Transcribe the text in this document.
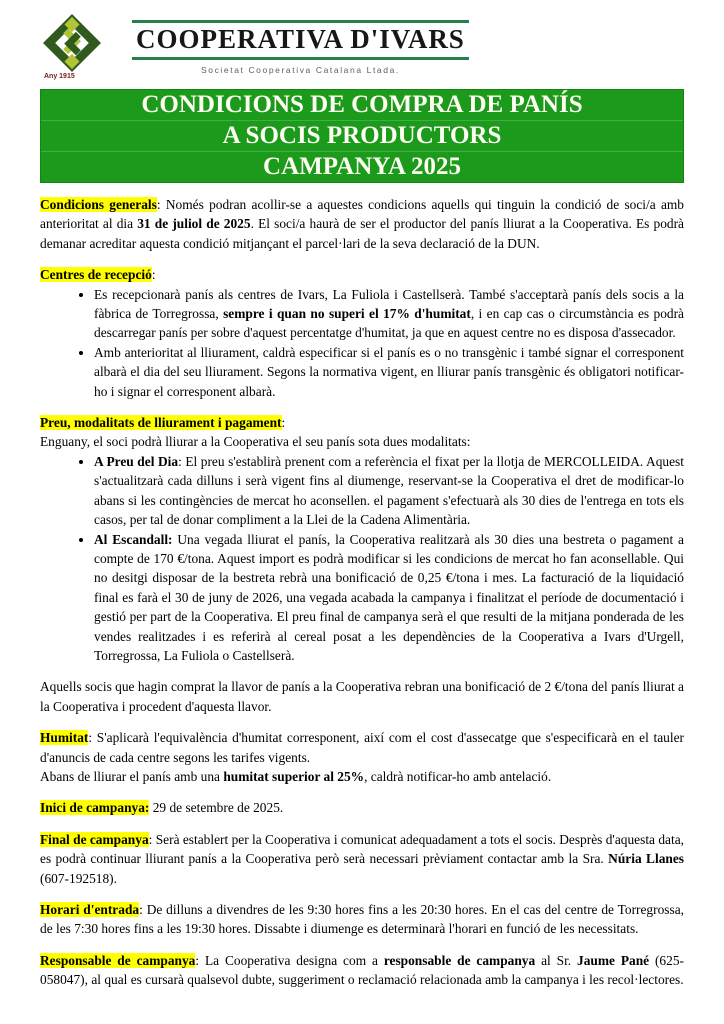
Any 1915
COOPERATIVA D'IVARS
Societat Cooperativa Catalana Ltada.
CONDICIONS DE COMPRA DE PANÍS
A SOCIS PRODUCTORS
CAMPANYA 2025

Condicions generals: Només podran acollir-se a aquestes condicions aquells qui tinguin la condició de soci/a amb anterioritat al dia 31 de juliol de 2025. El soci/a haurà de ser el productor del panís lliurat a la Cooperativa. Es podrà demanar acreditar aquesta condició mitjançant el parcel·lari de la seva declaració de la DUN.

Centres de recepció:

• Es recepcionarà panís als centres de Ivars, La Fuliola i Castellserà. També s'acceptarà panís dels socis a la fàbrica de Torregrossa, sempre i quan no superi el 17% d'humitat, i en cap cas o circumstància es podrà descarregar panís per sobre d'aquest percentatge d'humitat, ja que en aquest centre no es disposa d'assecador.
• Amb anterioritat al lliurament, caldrà especificar si el panís es o no transgènic i també signar el corresponent albarà el dia del seu lliurament. Segons la normativa vigent, en lliurar panís transgènic és obligatori notificar-ho i signar el corresponent albarà.

Preu, modalitats de lliurament i pagament:

Enguany, el soci podrà lliurar a la Cooperativa el seu panís sota dues modalitats:

• A Preu del Dia: El preu s'establirà prenent com a referència el fixat per la llotja de MERCOLLEIDA. Aquest s'actualitzarà cada dilluns i serà vigent fins al diumenge, reservant-se la Cooperativa el dret de modificar-lo abans si les contingències de mercat ho aconsellen. el pagament s'efectuarà als 30 dies de l'entrega en tots els casos, per tal de donar compliment a la Llei de la Cadena Alimentària.
• Al Escandall: Una vegada lliurat el panís, la Cooperativa realitzarà als 30 dies una bestreta o pagament a compte de 170 €/tona. Aquest import es podrà modificar si les condicions de mercat ho fan aconsellable. Qui no desitgi disposar de la bestreta rebrà una bonificació de 0,25 €/tona i mes. La facturació de la liquidació final es farà el 30 de juny de 2026, una vegada acabada la campanya i finalitzat el període de documentació i gestió per part de la Cooperativa. El preu final de campanya serà el que resulti de la mitjana ponderada de les vendes realitzades i es referirà al cereal posat a les dependències de la Cooperativa a Ivars d'Urgell, Torregrossa, La Fuliola o Castellserà.

Aquells socis que hagin comprat la llavor de panís a la Cooperativa rebran una bonificació de 2 €/tona del panís lliurat a la Cooperativa i procedent d'aquesta llavor.

Humitat: S'aplicarà l'equivalència d'humitat corresponent, així com el cost d'assecatge que s'especificarà en el tauler d'anuncis de cada centre segons les tarifes vigents.

Abans de lliurar el panís amb una humitat superior al 25%, caldrà notificar-ho amb antelació.

Inici de campanya: 29 de setembre de 2025.

Final de campanya: Serà establert per la Cooperativa i comunicat adequadament a tots el socis. Desprès d'aquesta data, es podrà continuar lliurant panís a la Cooperativa però serà necessari prèviament contactar amb la Sra. Núria Llanes (607-192518).

Horari d'entrada: De dilluns a divendres de les 9:30 hores fins a les 20:30 hores. En el cas del centre de Torregrossa, de les 7:30 hores fins a les 19:30 hores. Dissabte i diumenge es determinarà l'horari en funció de les necessitats.

Responsable de campanya: La Cooperativa designa com a responsable de campanya al Sr. Jaume Pané (625-058047), al qual es cursarà qualsevol dubte, suggeriment o reclamació relacionada amb la campanya i les recol·lectores.
